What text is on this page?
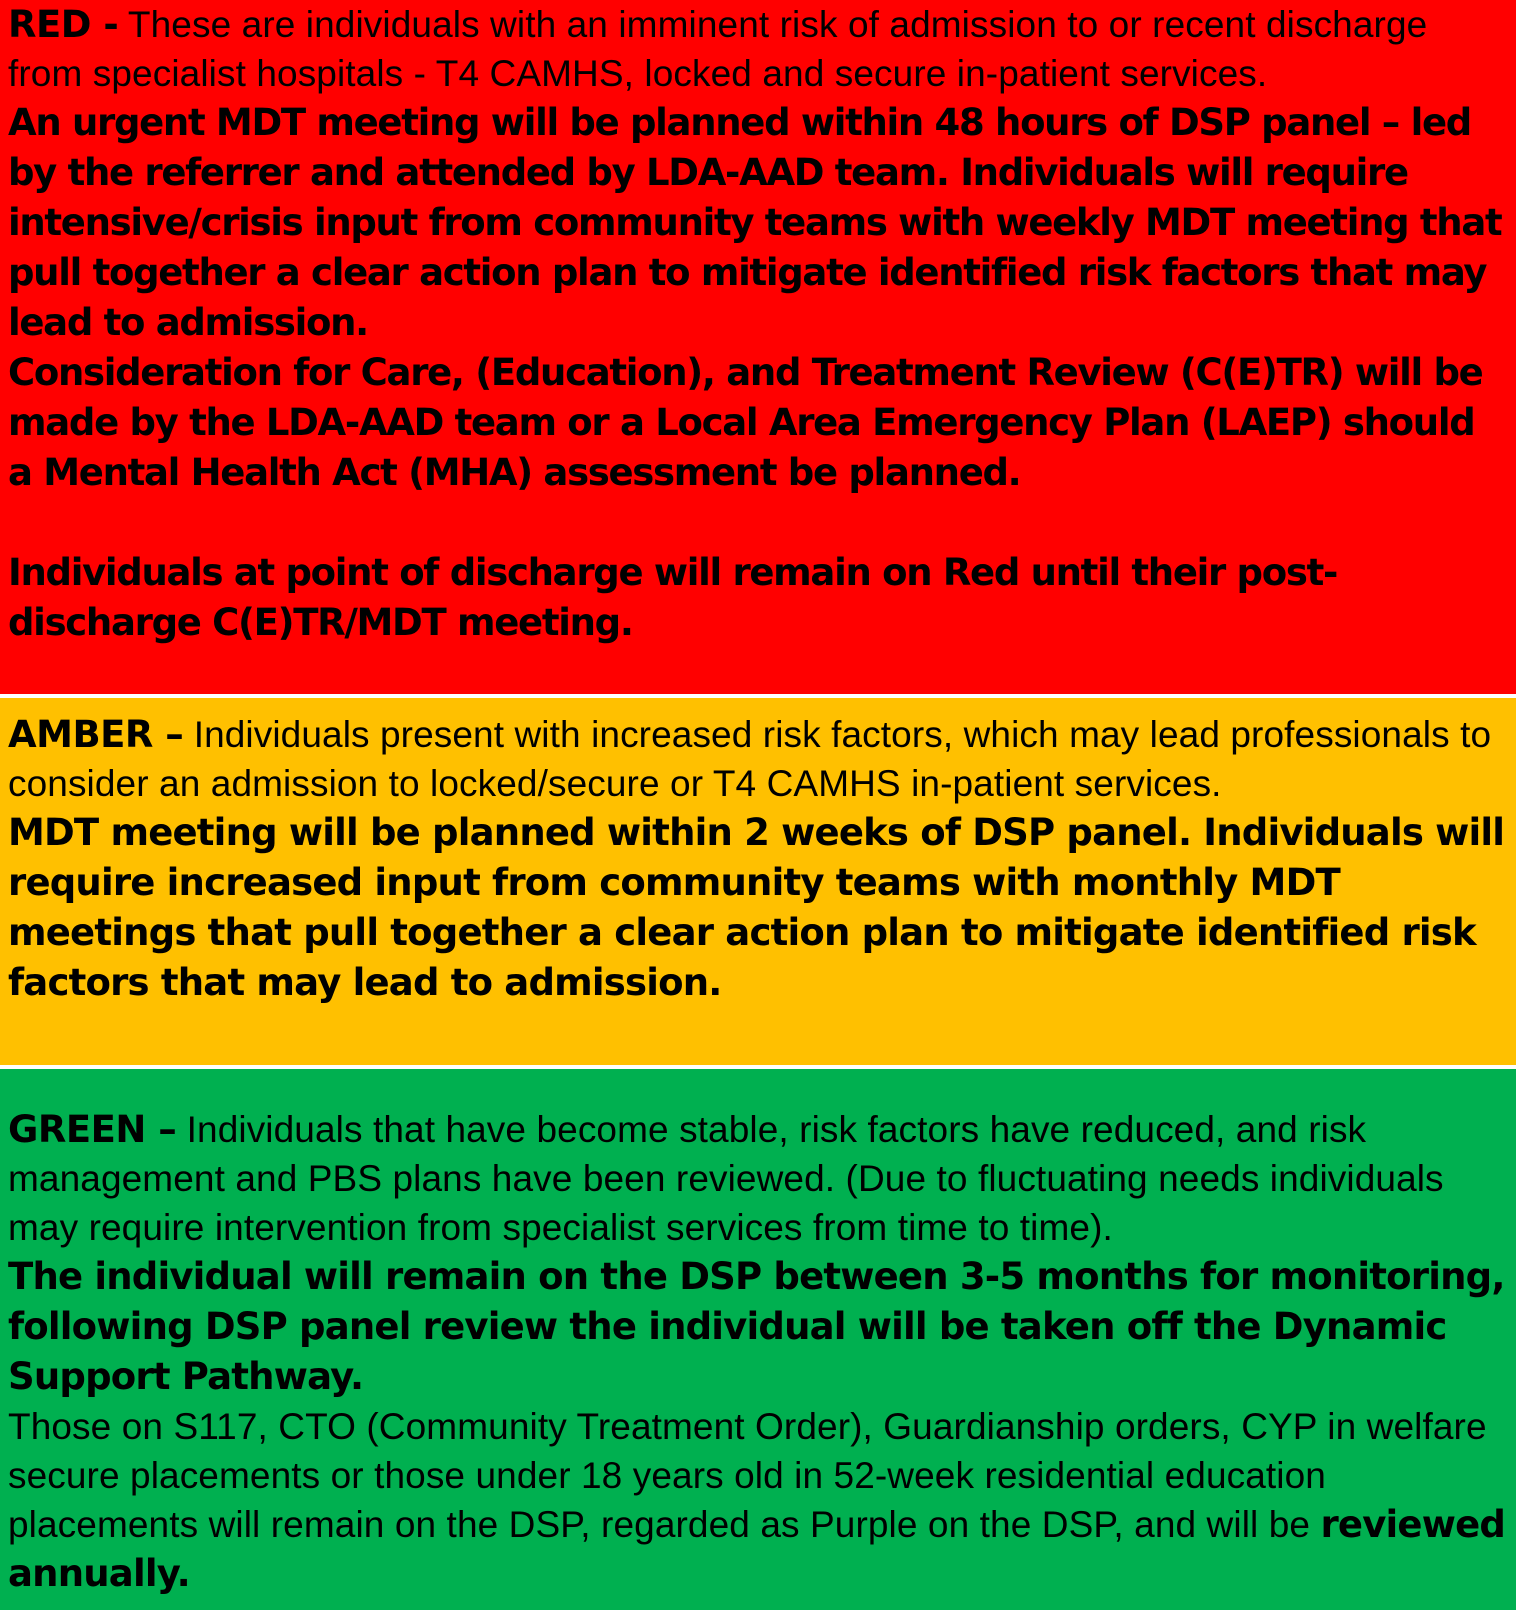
RED - These are individuals with an imminent risk of admission to or recent discharge from specialist hospitals - T4 CAMHS, locked and secure in-patient services.

An urgent MDT meeting will be planned within 48 hours of DSP panel – led by the referrer and attended by LDA-AAD team. Individuals will require intensive/crisis input from community teams with weekly MDT meeting that pull together a clear action plan to mitigate identified risk factors that may lead to admission.

Consideration for Care, (Education), and Treatment Review (C(E)TR) will be made by the LDA-AAD team or a Local Area Emergency Plan (LAEP) should a Mental Health Act (MHA) assessment be planned.

Individuals at point of discharge will remain on Red until their post-discharge C(E)TR/MDT meeting.

AMBER – Individuals present with increased risk factors, which may lead professionals to consider an admission to locked/secure or T4 CAMHS in-patient services.

MDT meeting will be planned within 2 weeks of DSP panel. Individuals will require increased input from community teams with monthly MDT meetings that pull together a clear action plan to mitigate identified risk factors that may lead to admission.

GREEN – Individuals that have become stable, risk factors have reduced, and risk management and PBS plans have been reviewed. (Due to fluctuating needs individuals may require intervention from specialist services from time to time).

The individual will remain on the DSP between 3-5 months for monitoring, following DSP panel review the individual will be taken off the Dynamic Support Pathway.

Those on S117, CTO (Community Treatment Order), Guardianship orders, CYP in welfare secure placements or those under 18 years old in 52-week residential education placements will remain on the DSP, regarded as Purple on the DSP, and will be reviewed annually.
